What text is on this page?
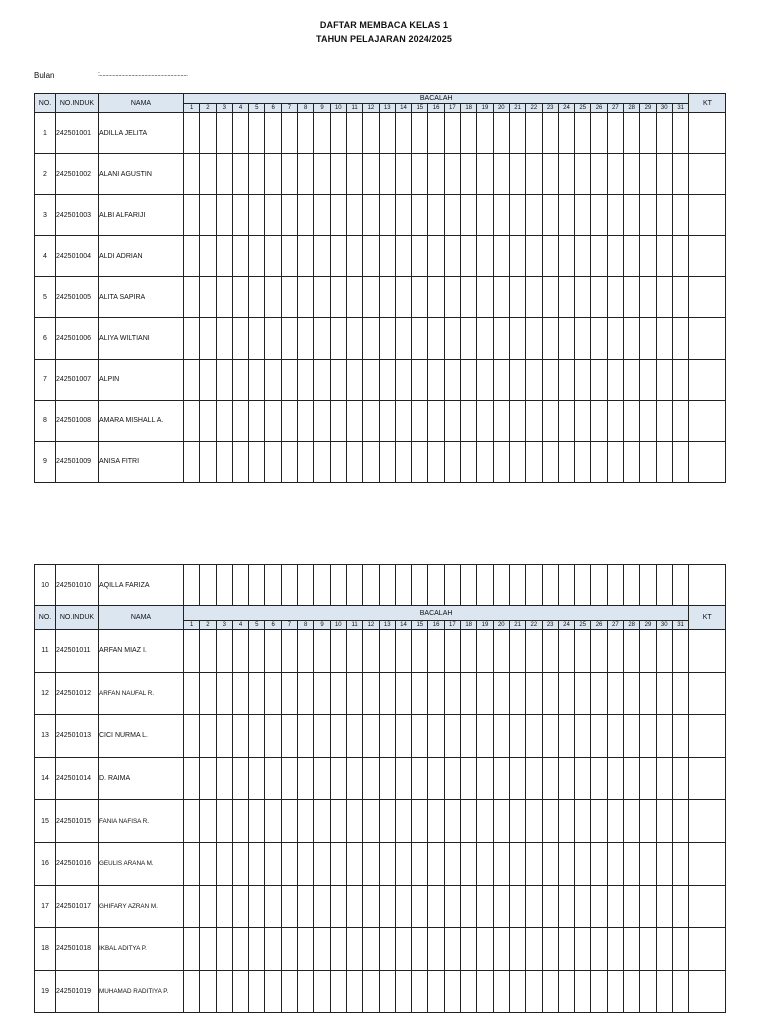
DAFTAR MEMBACA KELAS 1
TAHUN PELAJARAN 2024/2025
Bulan	:.............................................................
NO.	NO.INDUK	NAMA	BACALAH																															KT
			1	2	3	4	5	6	7	8	9	10	11	12	13	14	15	16	17	18	19	20	21	22	23	24	25	26	27	28	29	30	31	
1	242501001	ADILLA JELITA																																
2	242501002	ALANI AGUSTIN																																
3	242501003	ALBI ALFARIJI																																
4	242501004	ALDI ADRIAN																																
5	242501005	ALITA SAPIRA																																
6	242501006	ALIYA WILTIANI																																
7	242501007	ALPIN																																
8	242501008	AMARA MISHALL A.																																
9	242501009	ANISA FITRI																																
10	242501010	AQILLA FARIZA																																
NO.	NO.INDUK	NAMA	BACALAH																															KT
			1	2	3	4	5	6	7	8	9	10	11	12	13	14	15	16	17	18	19	20	21	22	23	24	25	26	27	28	29	30	31	
11	242501011	ARFAN MIAZ I.																																
12	242501012	ARFAN NAUFAL R.																																
13	242501013	CICI NURMA L.																																
14	242501014	D. RAIMA																																
15	242501015	FANIA NAFISA R.																																
16	242501016	GEULIS ARANA M.																																
17	242501017	GHIFARY AZRAN M.																																
18	242501018	IKBAL ADITYA P.																																
19	242501019	MUHAMAD RADITIYA P.																																
